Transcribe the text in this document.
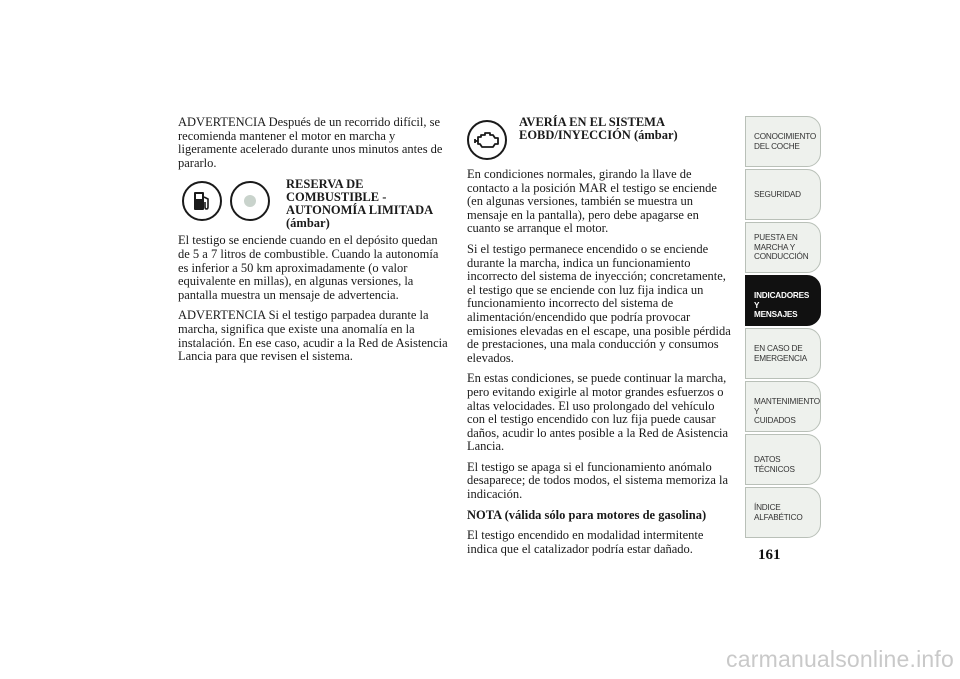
ADVERTENCIA Después de un recorrido difícil, se recomienda mantener el motor en marcha y ligeramente acelerado durante unos minutos antes de pararlo.

RESERVA DE
COMBUSTIBLE -
AUTONOMÍA LIMITADA
(ámbar)

El testigo se enciende cuando en el depósito quedan de 5 a 7 litros de combustible. Cuando la autonomía es inferior a 50 km aproximadamente (o valor equivalente en millas), en algunas versiones, la pantalla muestra un mensaje de advertencia.

ADVERTENCIA Si el testigo parpadea durante la marcha, significa que existe una anomalía en la instalación. En ese caso, acudir a la Red de Asistencia Lancia para que revisen el sistema.

AVERÍA EN EL SISTEMA
EOBD/INYECCIÓN (ámbar)

En condiciones normales, girando la llave de contacto a la posición MAR el testigo se enciende (en algunas versiones, también se muestra un mensaje en la pantalla), pero debe apagarse en cuanto se arranque el motor.

Si el testigo permanece encendido o se enciende durante la marcha, indica un funcionamiento incorrecto del sistema de inyección; concretamente, el testigo que se enciende con luz fija indica un funcionamiento incorrecto del sistema de alimentación/encendido que podría provocar emisiones elevadas en el escape, una posible pérdida de prestaciones, una mala conducción y consumos elevados.

En estas condiciones, se puede continuar la marcha, pero evitando exigirle al motor grandes esfuerzos o altas velocidades. El uso prolongado del vehículo con el testigo encendido con luz fija puede causar daños, acudir lo antes posible a la Red de Asistencia Lancia.

El testigo se apaga si el funcionamiento anómalo desaparece; de todos modos, el sistema memoriza la indicación.

NOTA (válida sólo para motores de gasolina)

El testigo encendido en modalidad intermitente indica que el catalizador podría estar dañado.

CONOCIMIENTO
DEL COCHE
SEGURIDAD
PUESTA EN
MARCHA Y
CONDUCCIÓN
INDICADORES Y
MENSAJES
EN CASO DE
EMERGENCIA
MANTENIMIENTO Y
CUIDADOS
DATOS TÉCNICOS
ÍNDICE
ALFABÉTICO
161
carmanualsonline.info
